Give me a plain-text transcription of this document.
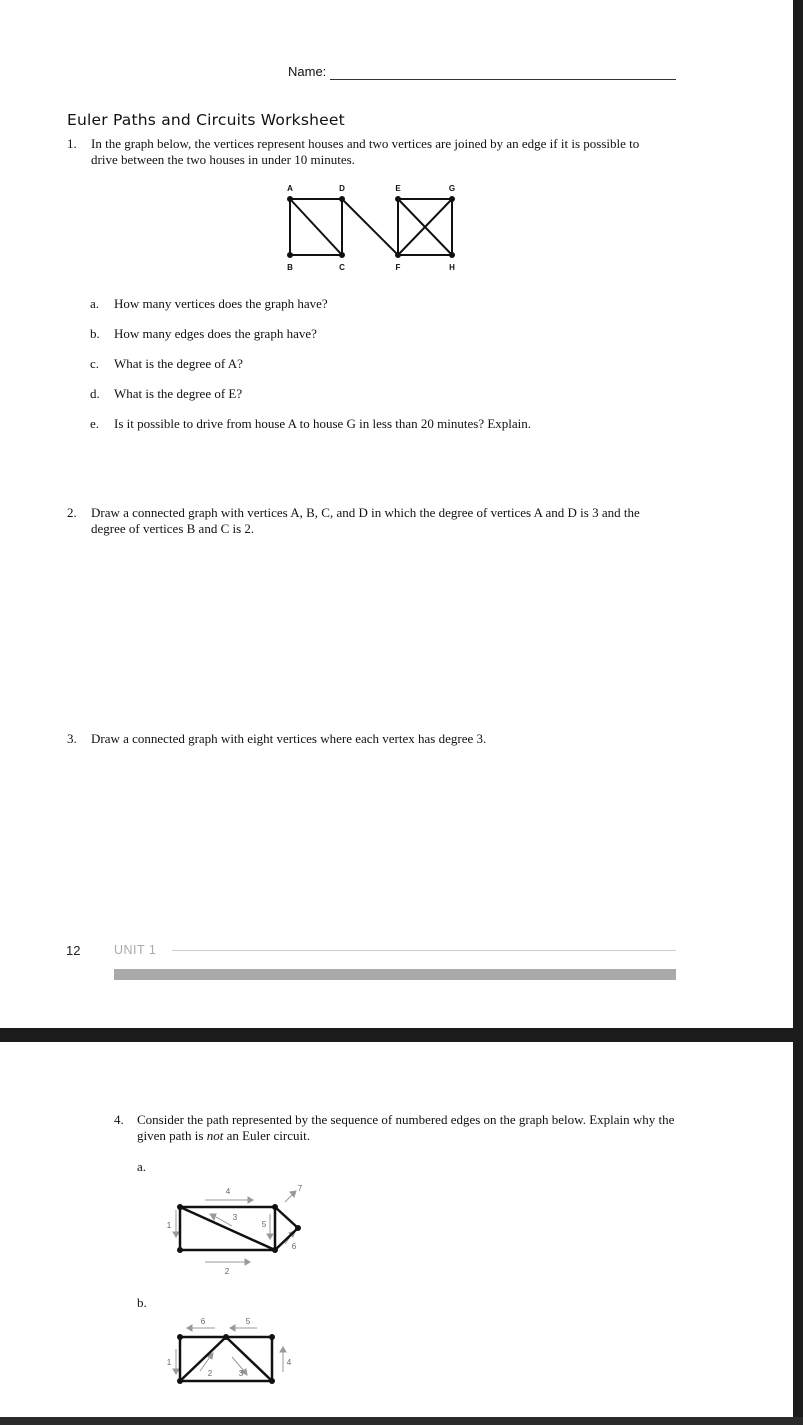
Name:
Euler Paths and Circuits Worksheet
1. In the graph below, the vertices represent houses and two vertices are joined by an edge if it is possible to
drive between the two houses in under 10 minutes.
A	D	E	G
B	C	F	H
a. How many vertices does the graph have?
b. How many edges does the graph have?
c. What is the degree of A?
d. What is the degree of E?
e. Is it possible to drive from house A to house G in less than 20 minutes? Explain.
2. Draw a connected graph with vertices A, B, C, and D in which the degree of vertices A and D is 3 and the
degree of vertices B and C is 2.
3. Draw a connected graph with eight vertices where each vertex has degree 3.
12	UNIT 1
4. Consider the path represented by the sequence of numbered edges on the graph below. Explain why the
given path is not an Euler circuit.
a.
4	7
3
5
1
6
2
b.
6	5
1	4
2	3
